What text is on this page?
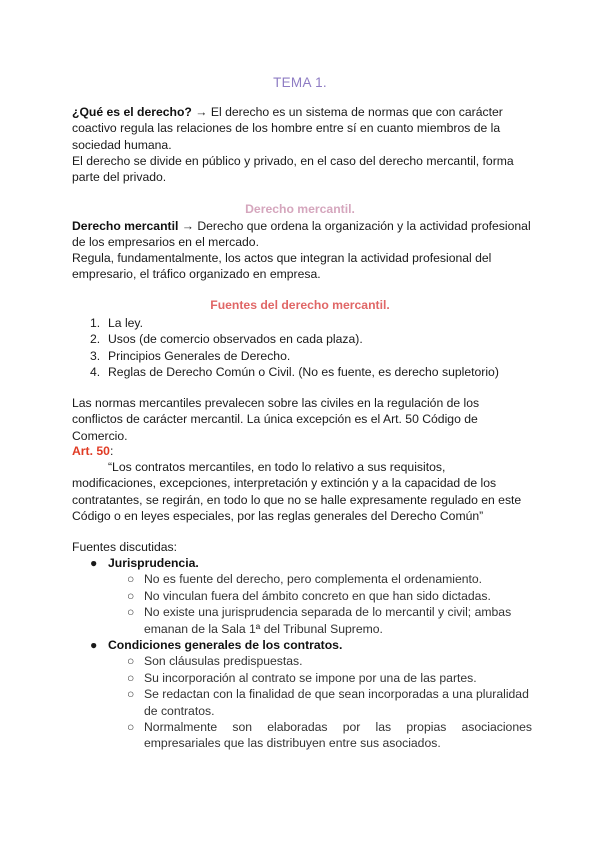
TEMA 1.
¿Qué es el derecho? → El derecho es un sistema de normas que con carácter coactivo regula las relaciones de los hombre entre sí en cuanto miembros de la sociedad humana.
El derecho se divide en público y privado, en el caso del derecho mercantil, forma parte del privado.
Derecho mercantil.
Derecho mercantil → Derecho que ordena la organización y la actividad profesional de los empresarios en el mercado.
Regula, fundamentalmente, los actos que integran la actividad profesional del empresario, el tráfico organizado en empresa.
Fuentes del derecho mercantil.
1. La ley.
2. Usos (de comercio observados en cada plaza).
3. Principios Generales de Derecho.
4. Reglas de Derecho Común o Civil. (No es fuente, es derecho supletorio)
Las normas mercantiles prevalecen sobre las civiles en la regulación de los conflictos de carácter mercantil. La única excepción es el Art. 50 Código de Comercio.
Art. 50:
“Los contratos mercantiles, en todo lo relativo a sus requisitos, modificaciones, excepciones, interpretación y extinción y a la capacidad de los contratantes, se regirán, en todo lo que no se halle expresamente regulado en este Código o en leyes especiales, por las reglas generales del Derecho Común”
Fuentes discutidas:
● Jurisprudencia.
○ No es fuente del derecho, pero complementa el ordenamiento.
○ No vinculan fuera del ámbito concreto en que han sido dictadas.
○ No existe una jurisprudencia separada de lo mercantil y civil; ambas emanan de la Sala 1ª del Tribunal Supremo.
● Condiciones generales de los contratos.
○ Son cláusulas predispuestas.
○ Su incorporación al contrato se impone por una de las partes.
○ Se redactan con la finalidad de que sean incorporadas a una pluralidad de contratos.
○ Normalmente son elaboradas por las propias asociaciones empresariales que las distribuyen entre sus asociados.
